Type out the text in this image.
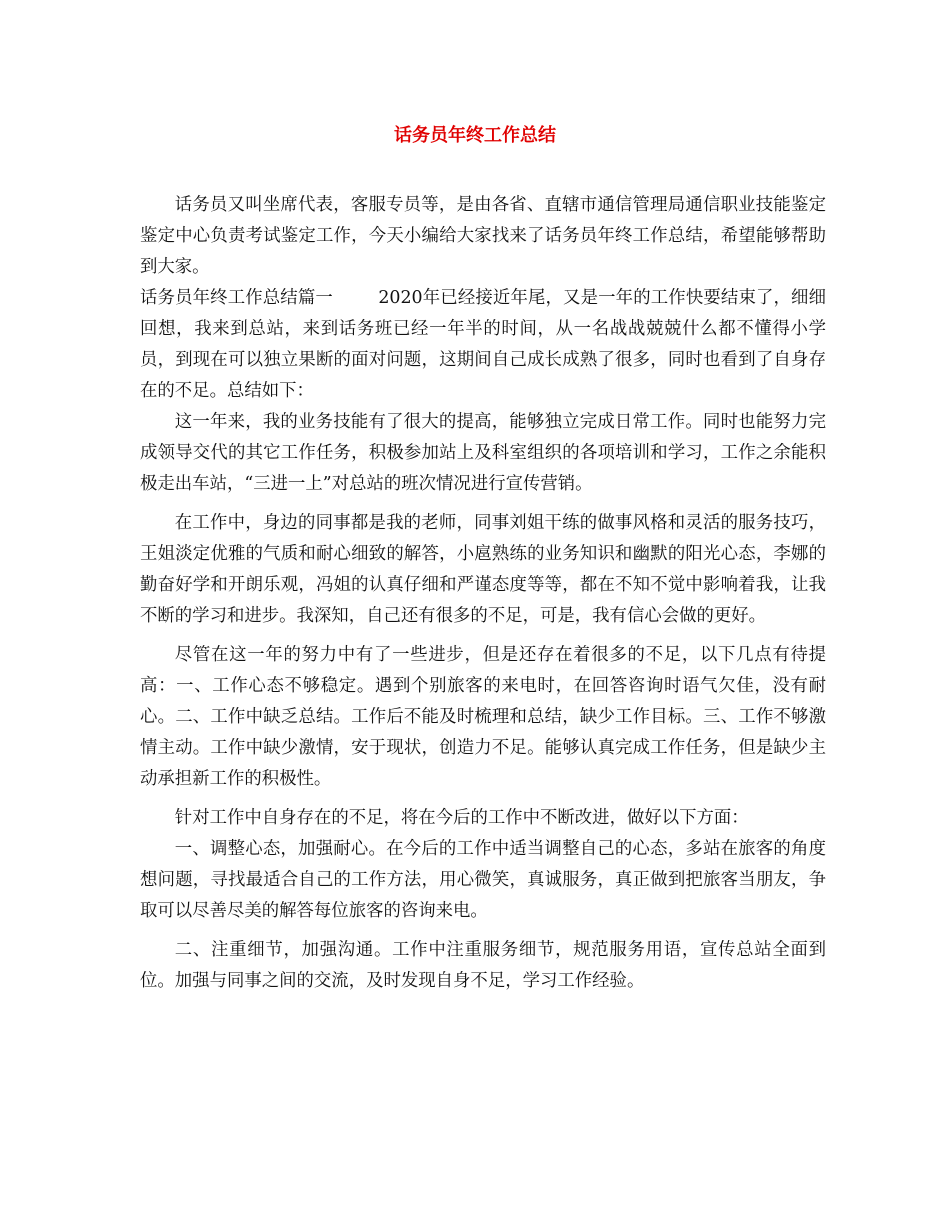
话务员年终工作总结

话务员又叫坐席代表，客服专员等，是由各省、直辖市通信管理局通信职业技能鉴定鉴定中心负责考试鉴定工作，今天小编给大家找来了话务员年终工作总结，希望能够帮助到大家。

话务员年终工作总结篇一	2020年已经接近年尾，又是一年的工作快要结束了，细细回想，我来到总站，来到话务班已经一年半的时间，从一名战战兢兢什么都不懂得小学员，到现在可以独立果断的面对问题，这期间自己成长成熟了很多，同时也看到了自身存在的不足。总结如下：

这一年来，我的业务技能有了很大的提高，能够独立完成日常工作。同时也能努力完成领导交代的其它工作任务，积极参加站上及科室组织的各项培训和学习，工作之余能积极走出车站，“三进一上”对总站的班次情况进行宣传营销。

在工作中，身边的同事都是我的老师，同事刘姐干练的做事风格和灵活的服务技巧，王姐淡定优雅的气质和耐心细致的解答，小扈熟练的业务知识和幽默的阳光心态，李娜的勤奋好学和开朗乐观，冯姐的认真仔细和严谨态度等等，都在不知不觉中影响着我，让我不断的学习和进步。我深知，自己还有很多的不足，可是，我有信心会做的更好。

尽管在这一年的努力中有了一些进步，但是还存在着很多的不足，以下几点有待提高：一、工作心态不够稳定。遇到个别旅客的来电时，在回答咨询时语气欠佳，没有耐心。二、工作中缺乏总结。工作后不能及时梳理和总结，缺少工作目标。三、工作不够激情主动。工作中缺少激情，安于现状，创造力不足。能够认真完成工作任务，但是缺少主动承担新工作的积极性。

针对工作中自身存在的不足，将在今后的工作中不断改进，做好以下方面：

一、调整心态，加强耐心。在今后的工作中适当调整自己的心态，多站在旅客的角度想问题，寻找最适合自己的工作方法，用心微笑，真诚服务，真正做到把旅客当朋友，争取可以尽善尽美的解答每位旅客的咨询来电。

二、注重细节，加强沟通。工作中注重服务细节，规范服务用语，宣传总站全面到位。加强与同事之间的交流，及时发现自身不足，学习工作经验。
